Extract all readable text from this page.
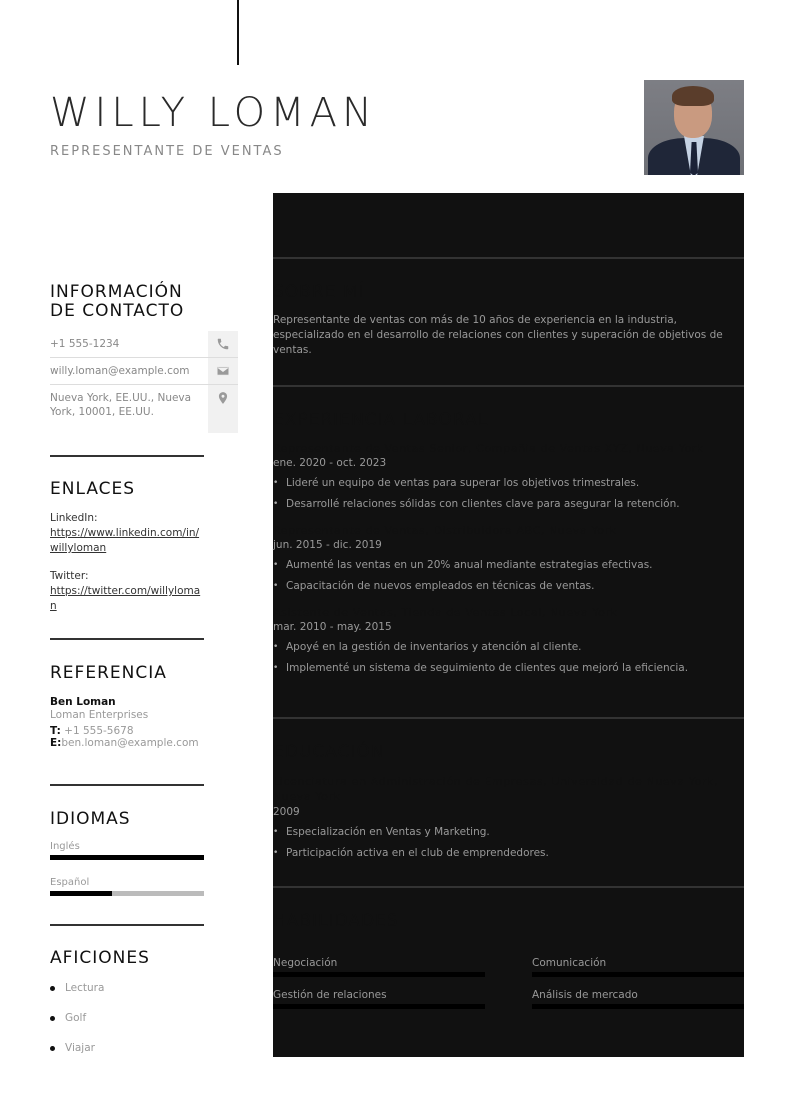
WILLY LOMAN
REPRESENTANTE DE VENTAS
INFORMACIÓN
DE CONTACTO
+1 555-1234
willy.loman@example.com
Nueva York, EE.UU., Nueva York, 10001, EE.UU.
ENLACES
LinkedIn:
https://www.linkedin.com/in/willyloman
Twitter:
https://twitter.com/willyloman
REFERENCIA
Ben Loman
Loman Enterprises
T: +1 555-5678
E:ben.loman@example.com
IDIOMAS
Inglés
Español
AFICIONES
Lectura
Golf
Viajar
SOBRE MÍ
Representante de ventas con más de 10 años de experiencia en la industria, especializado en el desarrollo de relaciones con clientes y superación de objetivos de ventas.
EXPERIENCIA LABORAL
Representante de Ventas Senior, Compañia de Ventas XYZ, Nueva York
ene. 2020 - oct. 2023
• Lideré un equipo de ventas para superar los objetivos trimestrales.
• Desarrollé relaciones sólidas con clientes clave para asegurar la retención.
Representante de Ventas, Distribuidora ABC, Nueva York
jun. 2015 - dic. 2019
• Aumenté las ventas en un 20% anual mediante estrategias efectivas.
• Capacitación de nuevos empleados en técnicas de ventas.
Asistente de Ventas, Tienda de Ventas Local, Nueva York
mar. 2010 - may. 2015
• Apoyé en la gestión de inventarios y atención al cliente.
• Implementé un sistema de seguimiento de clientes que mejoró la eficiencia.
EDUCACIÓN
Licenciatura en Administración de Empresas, Universidad de Nueva York, Nueva York
2009
• Especialización en Ventas y Marketing.
• Participación activa en el club de emprendedores.
HABILIDADES
Negociación	Comunicación
Gestión de relaciones	Análisis de mercado
